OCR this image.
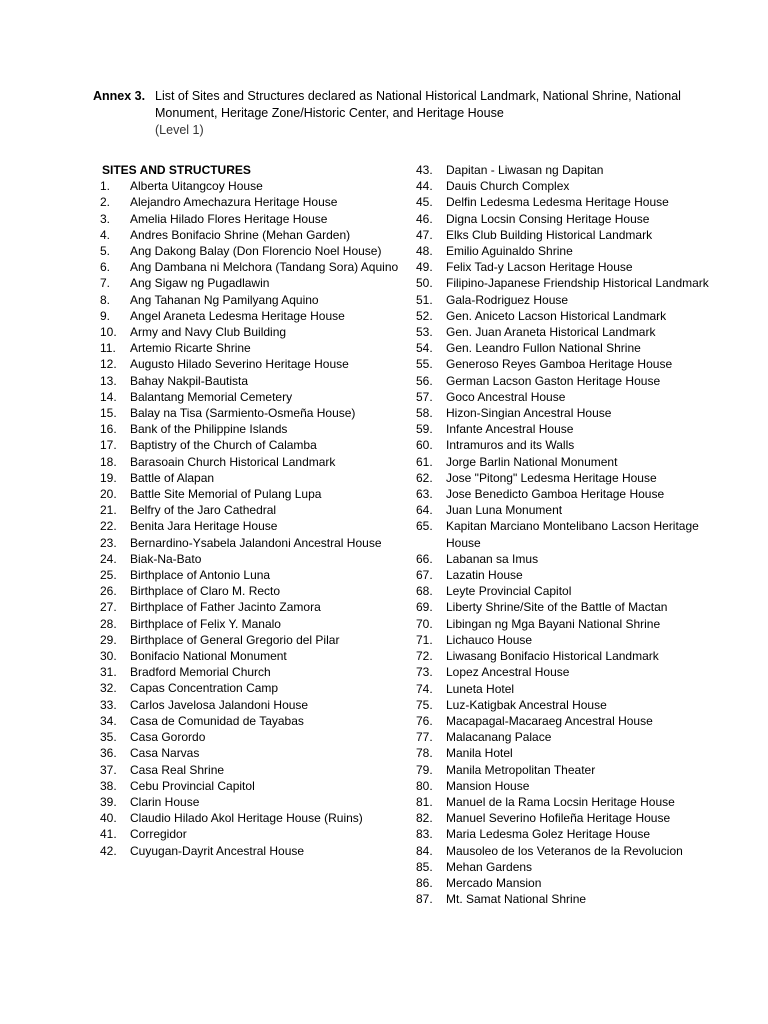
Annex 3. List of Sites and Structures declared as National Historical Landmark, National Shrine, National Monument, Heritage Zone/Historic Center, and Heritage House
(Level 1)
SITES AND STRUCTURES
1.	Alberta Uitangcoy House
2.	Alejandro Amechazura Heritage House
3.	Amelia Hilado Flores Heritage House
4.	Andres Bonifacio Shrine (Mehan Garden)
5.	Ang Dakong Balay (Don Florencio Noel House)
6.	Ang Dambana ni Melchora (Tandang Sora) Aquino
7.	Ang Sigaw ng Pugadlawin
8.	Ang Tahanan Ng Pamilyang Aquino
9.	Angel Araneta Ledesma Heritage House
10.	Army and Navy Club Building
11.	Artemio Ricarte Shrine
12.	Augusto Hilado Severino Heritage House
13.	Bahay Nakpil-Bautista
14.	Balantang Memorial Cemetery
15.	Balay na Tisa (Sarmiento-Osmeña House)
16.	Bank of the Philippine Islands
17.	Baptistry of the Church of Calamba
18.	Barasoain Church Historical Landmark
19.	Battle of Alapan
20.	Battle Site Memorial of Pulang Lupa
21.	Belfry of the Jaro Cathedral
22.	Benita Jara Heritage House
23.	Bernardino-Ysabela Jalandoni Ancestral House
24.	Biak-Na-Bato
25.	Birthplace of Antonio Luna
26.	Birthplace of Claro M. Recto
27.	Birthplace of Father Jacinto Zamora
28.	Birthplace of Felix Y. Manalo
29.	Birthplace of General Gregorio del Pilar
30.	Bonifacio National Monument
31.	Bradford Memorial Church
32.	Capas Concentration Camp
33.	Carlos Javelosa Jalandoni House
34.	Casa de Comunidad de Tayabas
35.	Casa Gorordo
36.	Casa Narvas
37.	Casa Real Shrine
38.	Cebu Provincial Capitol
39.	Clarin House
40.	Claudio Hilado Akol Heritage House (Ruins)
41.	Corregidor
42.	Cuyugan-Dayrit Ancestral House
43.	Dapitan - Liwasan ng Dapitan
44.	Dauis Church Complex
45.	Delfin Ledesma Ledesma Heritage House
46.	Digna Locsin Consing Heritage House
47.	Elks Club Building Historical Landmark
48.	Emilio Aguinaldo Shrine
49.	Felix Tad-y Lacson Heritage House
50.	Filipino-Japanese Friendship Historical Landmark
51.	Gala-Rodriguez House
52.	Gen. Aniceto Lacson Historical Landmark
53.	Gen. Juan Araneta Historical Landmark
54.	Gen. Leandro Fullon National Shrine
55.	Generoso Reyes Gamboa Heritage House
56.	German Lacson Gaston Heritage House
57.	Goco Ancestral House
58.	Hizon-Singian Ancestral House
59.	Infante Ancestral House
60.	Intramuros and its Walls
61.	Jorge Barlin National Monument
62.	Jose "Pitong" Ledesma Heritage House
63.	Jose Benedicto Gamboa Heritage House
64.	Juan Luna Monument
65.	Kapitan Marciano Montelibano Lacson Heritage House
66.	Labanan sa Imus
67.	Lazatin House
68.	Leyte Provincial Capitol
69.	Liberty Shrine/Site of the Battle of Mactan
70.	Libingan ng Mga Bayani National Shrine
71.	Lichauco House
72.	Liwasang Bonifacio Historical Landmark
73.	Lopez Ancestral House
74.	Luneta Hotel
75.	Luz-Katigbak Ancestral House
76.	Macapagal-Macaraeg Ancestral House
77.	Malacanang Palace
78.	Manila Hotel
79.	Manila Metropolitan Theater
80.	Mansion House
81.	Manuel de la Rama Locsin Heritage House
82.	Manuel Severino Hofileña Heritage House
83.	Maria Ledesma Golez Heritage House
84.	Mausoleo de los Veteranos de la Revolucion
85.	Mehan Gardens
86.	Mercado Mansion
87.	Mt. Samat National Shrine
